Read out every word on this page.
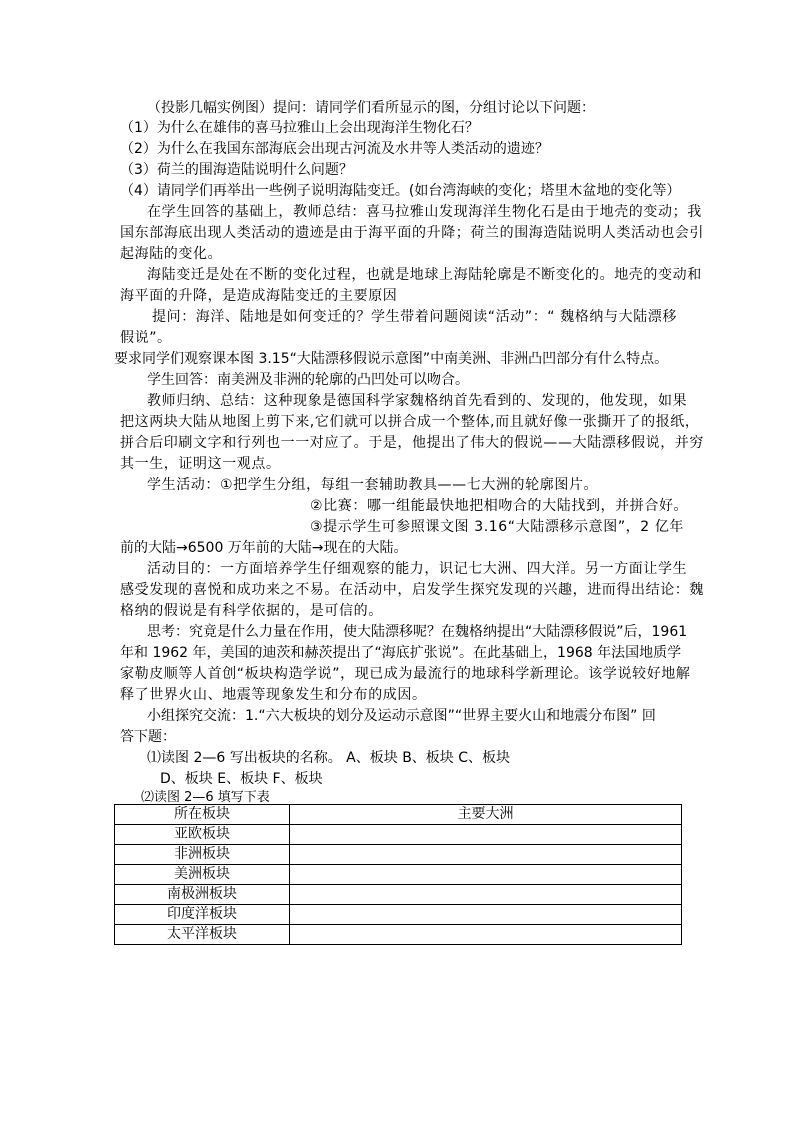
（投影几幅实例图）提问：请同学们看所显示的图，分组讨论以下问题：
（1）为什么在雄伟的喜马拉雅山上会出现海洋生物化石？
（2）为什么在我国东部海底会出现古河流及水井等人类活动的遗迹？
（3）荷兰的围海造陆说明什么问题？
（4）请同学们再举出一些例子说明海陆变迁。(如台湾海峡的变化；塔里木盆地的变化等）
在学生回答的基础上，教师总结：喜马拉雅山发现海洋生物化石是由于地壳的变动；我
国东部海底出现人类活动的遗迹是由于海平面的升降；荷兰的围海造陆说明人类活动也会引
起海陆的变化。
海陆变迁是处在不断的变化过程，也就是地球上海陆轮廓是不断变化的。地壳的变动和
海平面的升降，是造成海陆变迁的主要原因
提问：海洋、陆地是如何变迁的？学生带着问题阅读“活动”：“ 魏格纳与大陆漂移
假说”。
要求同学们观察课本图 3.15“大陆漂移假说示意图”中南美洲、非洲凸凹部分有什么特点。
学生回答：南美洲及非洲的轮廓的凸凹处可以吻合。
教师归纳、总结：这种现象是德国科学家魏格纳首先看到的、发现的，他发现，如果
把这两块大陆从地图上剪下来,它们就可以拼合成一个整体,而且就好像一张撕开了的报纸，
拼合后印刷文字和行列也一一对应了。于是，他提出了伟大的假说——大陆漂移假说，并穷
其一生，证明这一观点。
学生活动：①把学生分组，每组一套辅助教具——七大洲的轮廓图片。
②比赛：哪一组能最快地把相吻合的大陆找到，并拼合好。
③提示学生可参照课文图 3.16“大陆漂移示意图”，2 亿年
前的大陆→6500 万年前的大陆→现在的大陆。
活动目的：一方面培养学生仔细观察的能力，识记七大洲、四大洋。另一方面让学生
感受发现的喜悦和成功来之不易。在活动中，启发学生探究发现的兴趣，进而得出结论：魏
格纳的假说是有科学依据的，是可信的。
思考：究竟是什么力量在作用，使大陆漂移呢？在魏格纳提出“大陆漂移假说”后，1961
年和 1962 年，美国的迪茨和赫茨提出了“海底扩张说”。在此基础上，1968 年法国地质学
家勒皮顺等人首创“板块构造学说”，现已成为最流行的地球科学新理论。该学说较好地解
释了世界火山、地震等现象发生和分布的成因。
小组探究交流：1.“六大板块的划分及运动示意图”“世界主要火山和地震分布图” 回
答下题：
⑴读图 2—6 写出板块的名称。 A、板块 B、板块 C、板块
D、板块 E、板块 F、板块
⑵读图 2—6 填写下表
所在板块	主要大洲
亚欧板块	
非洲板块	
美洲板块	
南极洲板块	
印度洋板块	
太平洋板块	
